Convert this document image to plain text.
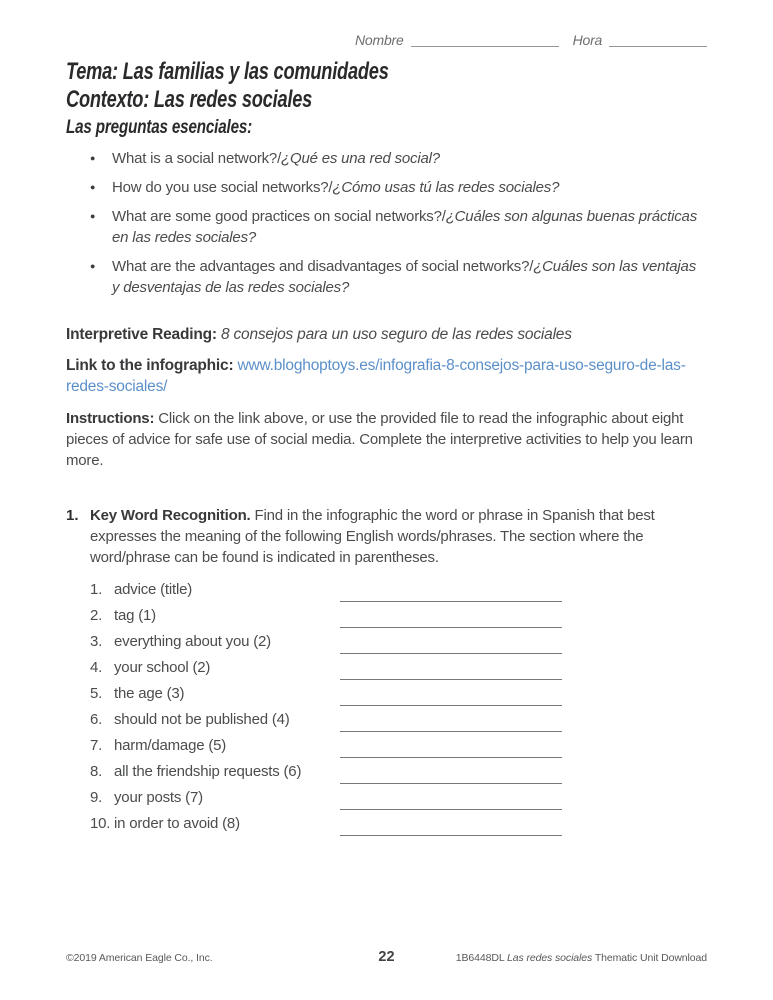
Nombre	Hora
Tema: Las familias y las comunidades
Contexto: Las redes sociales
Las preguntas esenciales:
●	What is a social network?/¿Qué es una red social?
●	How do you use social networks?/¿Cómo usas tú las redes sociales?
●	What are some good practices on social networks?/¿Cuáles son algunas buenas prácticas en las redes sociales?
●	What are the advantages and disadvantages of social networks?/¿Cuáles son las ventajas y desventajas de las redes sociales?

Interpretive Reading: 8 consejos para un uso seguro de las redes sociales

Link to the infographic: www.bloghoptoys.es/infografia-8-consejos-para-uso-seguro-de-las-redes-sociales/

Instructions: Click on the link above, or use the provided file to read the infographic about eight pieces of advice for safe use of social media. Complete the interpretive activities to help you learn more.

1. Key Word Recognition. Find in the infographic the word or phrase in Spanish that best expresses the meaning of the following English words/phrases. The section where the word/phrase can be found is indicated in parentheses.

1. advice (title)
2. tag (1)
3. everything about you (2)
4. your school (2)
5. the age (3)
6. should not be published (4)
7. harm/damage (5)
8. all the friendship requests (6)
9. your posts (7)
10. in order to avoid (8)
©2019 American Eagle Co., Inc.	22	1B6448DL Las redes sociales Thematic Unit Download
